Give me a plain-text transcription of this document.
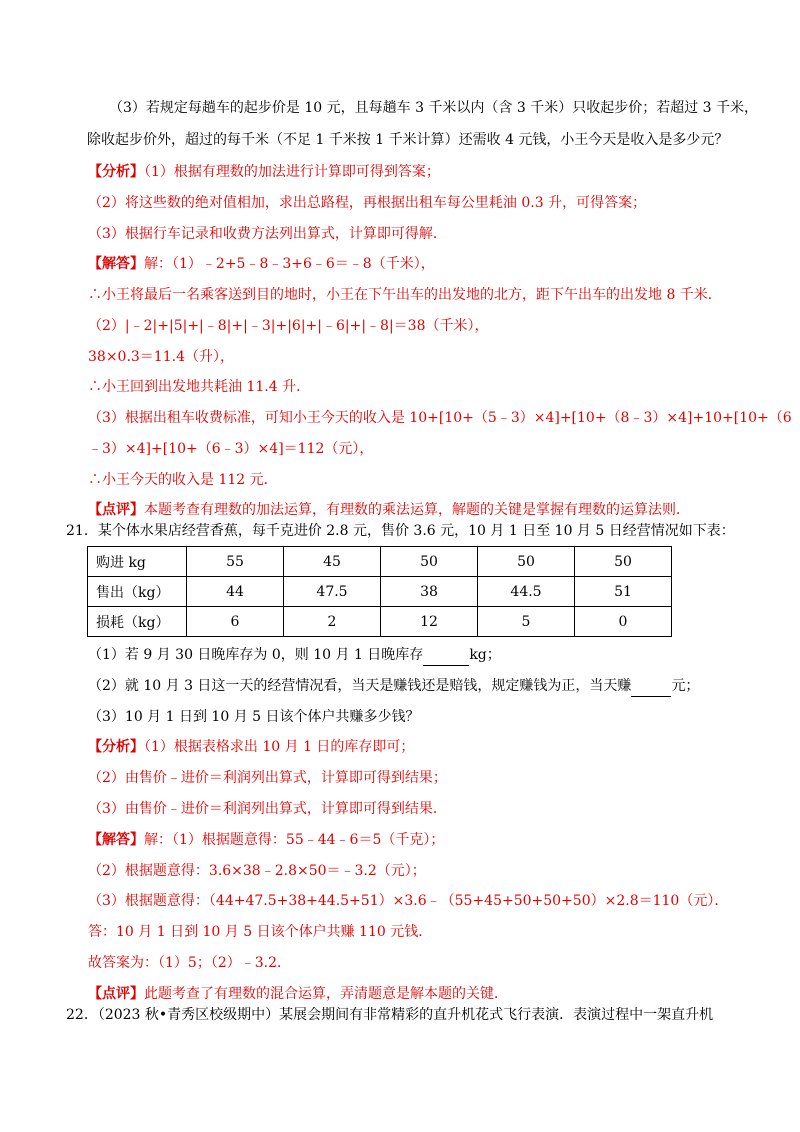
（3）若规定每趟车的起步价是 10 元，且每趟车 3 千米以内（含 3 千米）只收起步价；若超过 3 千米，
除收起步价外，超过的每千米（不足 1 千米按 1 千米计算）还需收 4 元钱，小王今天是收入是多少元？
【分析】（1）根据有理数的加法进行计算即可得到答案；
（2）将这些数的绝对值相加，求出总路程，再根据出租车每公里耗油 0.3 升，可得答案；
（3）根据行车记录和收费方法列出算式，计算即可得解．
【解答】解：（1）﹣2+5﹣8﹣3+6﹣6＝﹣8（千米），
∴小王将最后一名乘客送到目的地时，小王在下午出车的出发地的北方，距下午出车的出发地 8 千米．
（2）|﹣2|+|5|+|﹣8|+|﹣3|+|6|+|﹣6|+|﹣8|＝38（千米），
38×0.3＝11.4（升），
∴小王回到出发地共耗油 11.4 升．
（3）根据出租车收费标准，可知小王今天的收入是 10+[10+（5﹣3）×4]+[10+（8﹣3）×4]+10+[10+（6
﹣3）×4]+[10+（6﹣3）×4]＝112（元），
∴小王今天的收入是 112 元．
【点评】本题考查有理数的加法运算，有理数的乘法运算，解题的关键是掌握有理数的运算法则．
21．某个体水果店经营香蕉，每千克进价 2.8 元，售价 3.6 元，10 月 1 日至 10 月 5 日经营情况如下表：
购进 kg	55	45	50	50	50
售出（kg）	44	47.5	38	44.5	51
损耗（kg）	6	2	12	5	0
（1）若 9 月 30 日晚库存为 0，则 10 月 1 日晚库存	kg；
（2）就 10 月 3 日这一天的经营情况看，当天是赚钱还是赔钱，规定赚钱为正，当天赚	元；
（3）10 月 1 日到 10 月 5 日该个体户共赚多少钱？
【分析】（1）根据表格求出 10 月 1 日的库存即可；
（2）由售价﹣进价＝利润列出算式，计算即可得到结果；
（3）由售价﹣进价＝利润列出算式，计算即可得到结果．
【解答】解：（1）根据题意得：55﹣44﹣6＝5（千克）；
（2）根据题意得：3.6×38﹣2.8×50＝﹣3.2（元）；
（3）根据题意得：（44+47.5+38+44.5+51）×3.6﹣（55+45+50+50+50）×2.8＝110（元）．
答：10 月 1 日到 10 月 5 日该个体户共赚 110 元钱．
故答案为：（1）5；（2）﹣3.2．
【点评】此题考查了有理数的混合运算，弄清题意是解本题的关键．
22．（2023 秋•青秀区校级期中）某展会期间有非常精彩的直升机花式飞行表演．表演过程中一架直升机
